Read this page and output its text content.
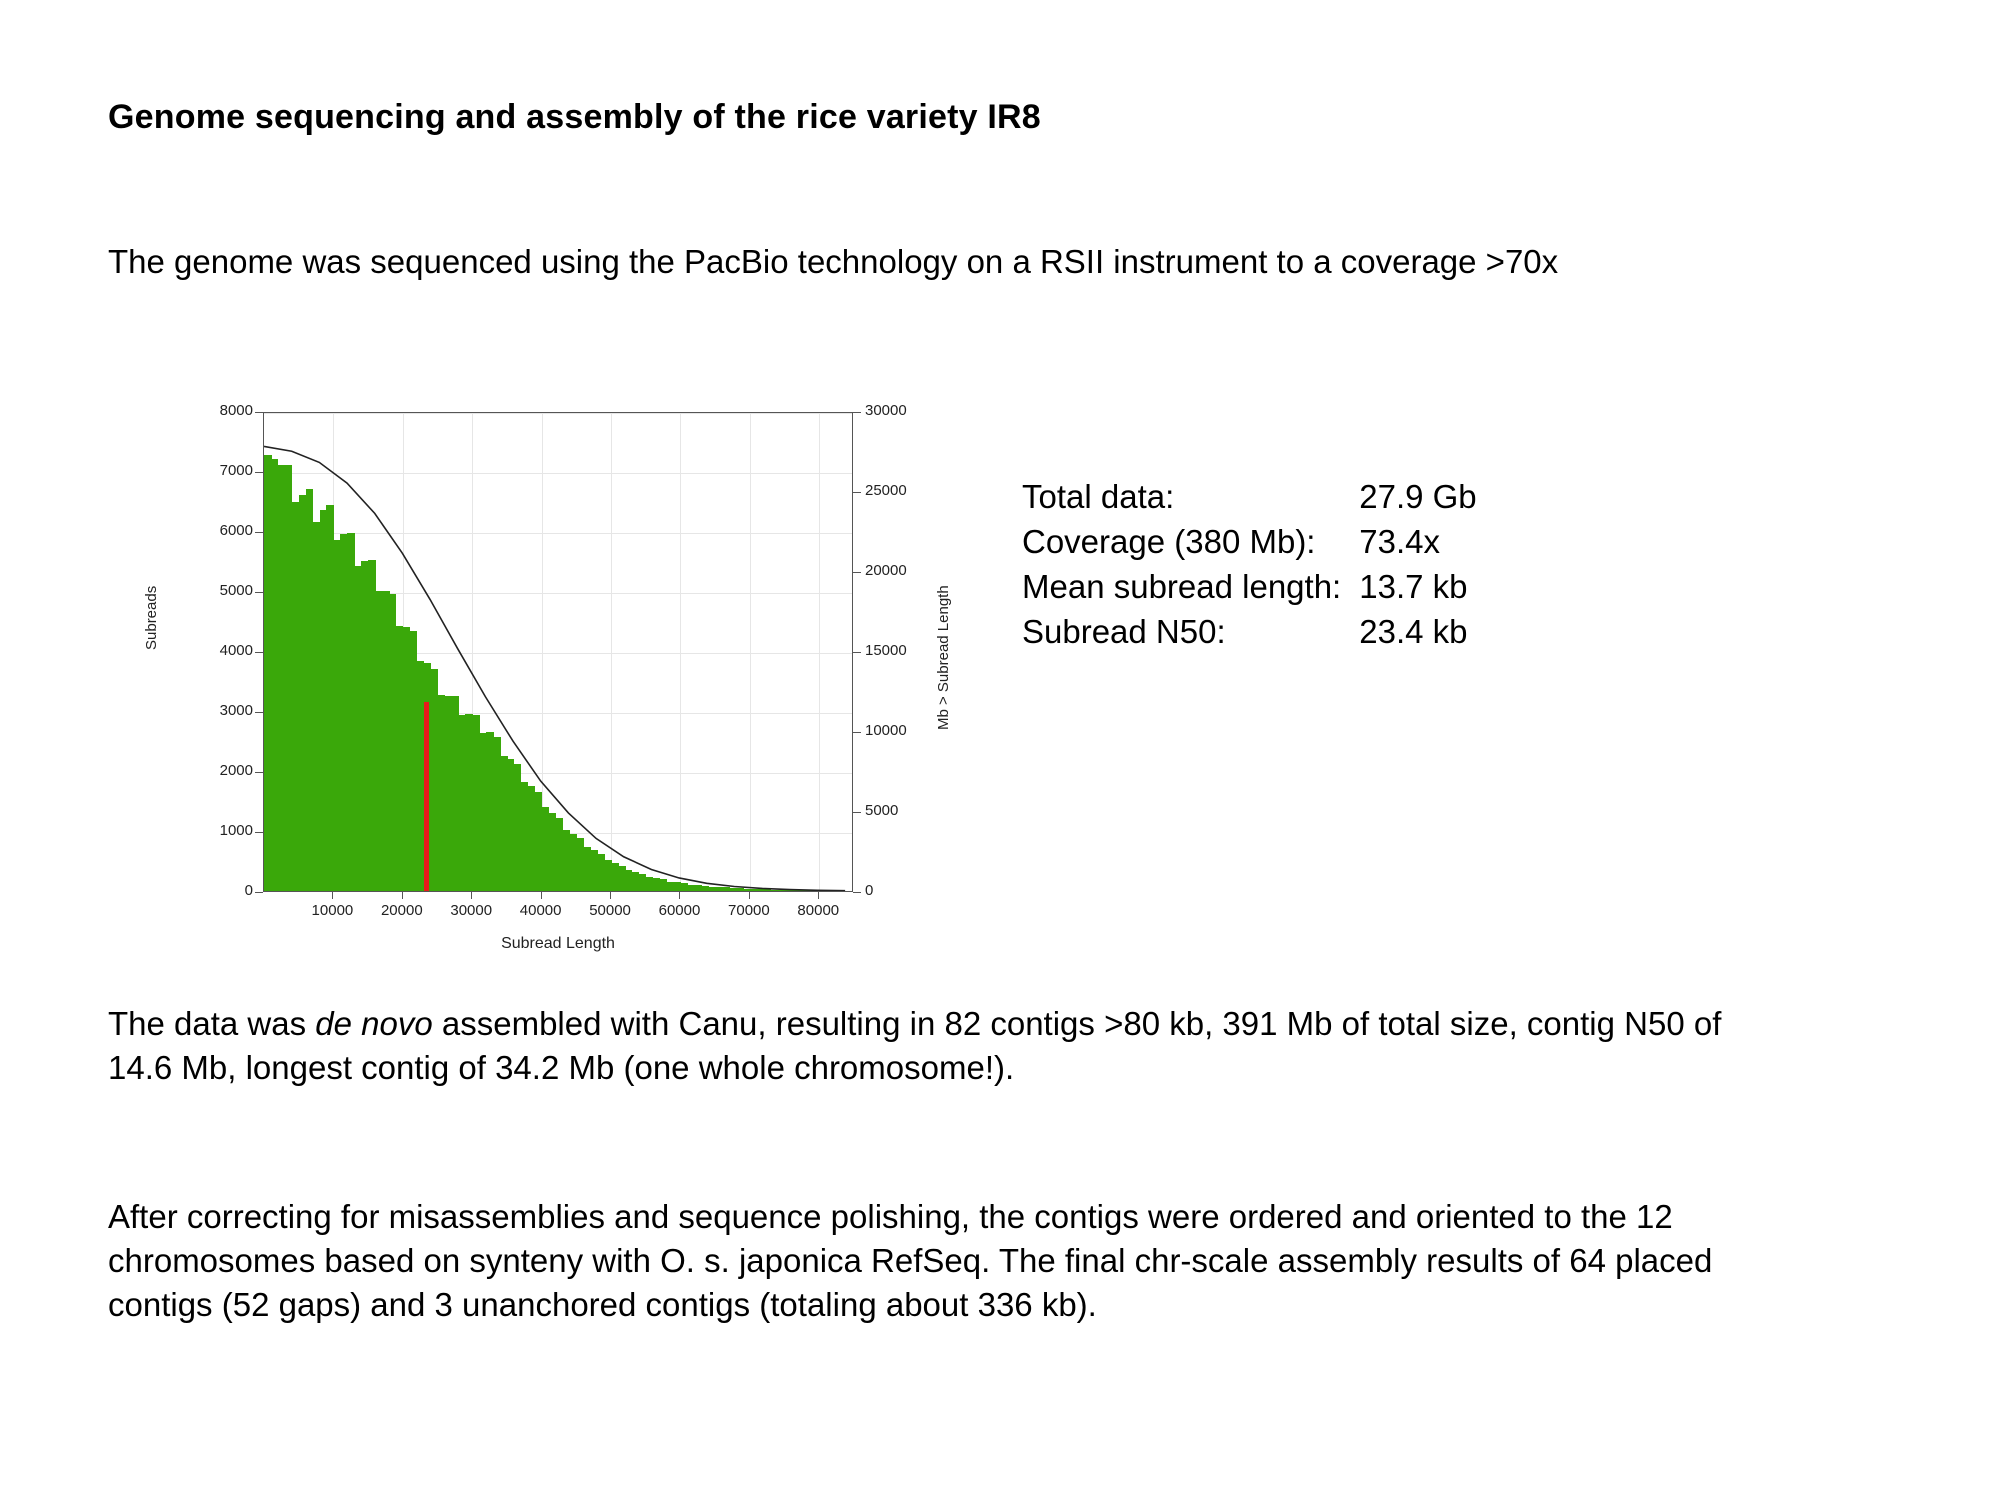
Genome sequencing and assembly of the rice variety IR8
The genome was sequenced using the PacBio technology on a RSII instrument to a coverage >70x
Subreads	Mb > Subread Length
0
1000
2000
3000
4000
5000
6000
7000
8000
0
5000
10000
15000
20000
25000
30000
10000 20000 30000 40000 50000 60000 70000 80000
Subread Length
Total data:	27.9 Gb
Coverage (380 Mb):	73.4x
Mean subread length:	13.7 kb
Subread N50:	23.4 kb
The data was de novo assembled with Canu, resulting in 82 contigs >80 kb, 391 Mb of total size, contig N50 of 14.6 Mb, longest contig of 34.2 Mb (one whole chromosome!).
After correcting for misassemblies and sequence polishing, the contigs were ordered and oriented to the 12 chromosomes based on synteny with O. s. japonica RefSeq. The final chr-scale assembly results of 64 placed contigs (52 gaps) and 3 unanchored contigs (totaling about 336 kb).
